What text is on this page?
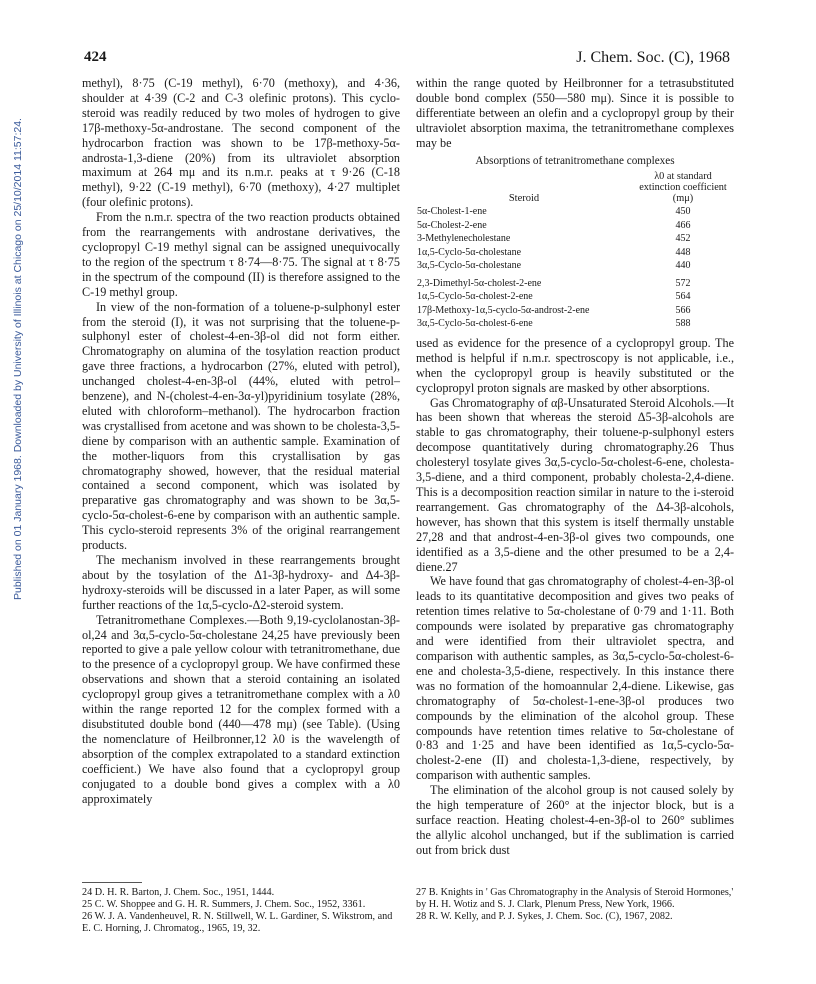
Published on 01 January 1968. Downloaded by University of Illinois at Chicago on 25/10/2014 11:57:24.
424	J. Chem. Soc. (C), 1968

methyl), 8·75 (C-19 methyl), 6·70 (methoxy), and 4·36, shoulder at 4·39 (C-2 and C-3 olefinic protons). This cyclo-steroid was readily reduced by two moles of hydrogen to give 17β-methoxy-5α-androstane. The second component of the hydrocarbon fraction was shown to be 17β-methoxy-5α-androsta-1,3-diene (20%) from its ultraviolet absorption maximum at 264 mμ and its n.m.r. peaks at τ 9·26 (C-18 methyl), 9·22 (C-19 methyl), 6·70 (methoxy), 4·27 multiplet (four olefinic protons).

From the n.m.r. spectra of the two reaction products obtained from the rearrangements with androstane derivatives, the cyclopropyl C-19 methyl signal can be assigned unequivocally to the region of the spectrum τ 8·74—8·75. The signal at τ 8·75 in the spectrum of the compound (II) is therefore assigned to the C-19 methyl group.

In view of the non-formation of a toluene-p-sulphonyl ester from the steroid (I), it was not surprising that the toluene-p-sulphonyl ester of cholest-4-en-3β-ol did not form either. Chromatography on alumina of the tosylation reaction product gave three fractions, a hydrocarbon (27%, eluted with petrol), unchanged cholest-4-en-3β-ol (44%, eluted with petrol–benzene), and N-(cholest-4-en-3α-yl)pyridinium tosylate (28%, eluted with chloroform–methanol). The hydrocarbon fraction was crystallised from acetone and was shown to be cholesta-3,5-diene by comparison with an authentic sample. Examination of the mother-liquors from this crystallisation by gas chromatography showed, however, that the residual material contained a second component, which was isolated by preparative gas chromatography and was shown to be 3α,5-cyclo-5α-cholest-6-ene by comparison with an authentic sample. This cyclo-steroid represents 3% of the original rearrangement products.

The mechanism involved in these rearrangements brought about by the tosylation of the Δ1-3β-hydroxy- and Δ4-3β-hydroxy-steroids will be discussed in a later Paper, as will some further reactions of the 1α,5-cyclo-Δ2-steroid system.

Tetranitromethane Complexes.—Both 9,19-cyclolanostan-3β-ol,24 and 3α,5-cyclo-5α-cholestane 24,25 have previously been reported to give a pale yellow colour with tetranitromethane, due to the presence of a cyclopropyl group. We have confirmed these observations and shown that a steroid containing an isolated cyclopropyl group gives a tetranitromethane complex with a λ0 within the range reported 12 for the complex formed with a disubstituted double bond (440—478 mμ) (see Table). (Using the nomenclature of Heilbronner,12 λ0 is the wavelength of absorption of the complex extrapolated to a standard extinction coefficient.) We have also found that a cyclopropyl group conjugated to a double bond gives a complex with a λ0 approximately

within the range quoted by Heilbronner for a tetrasubstituted double bond complex (550—580 mμ). Since it is possible to differentiate between an olefin and a cyclopropyl group by their ultraviolet absorption maxima, the tetranitromethane complexes may be

Absorptions of tetranitromethane complexes
Steroid	λ0 at standard extinction coefficient (mμ)
5α-Cholest-1-ene	450
5α-Cholest-2-ene	466
3-Methylenecholestane	452
1α,5-Cyclo-5α-cholestane	448
3α,5-Cyclo-5α-cholestane	440
2,3-Dimethyl-5α-cholest-2-ene	572
1α,5-Cyclo-5α-cholest-2-ene	564
17β-Methoxy-1α,5-cyclo-5α-androst-2-ene	566
3α,5-Cyclo-5α-cholest-6-ene	588

used as evidence for the presence of a cyclopropyl group. The method is helpful if n.m.r. spectroscopy is not applicable, i.e., when the cyclopropyl group is heavily substituted or the cyclopropyl proton signals are masked by other absorptions.

Gas Chromatography of αβ-Unsaturated Steroid Alcohols.—It has been shown that whereas the steroid Δ5-3β-alcohols are stable to gas chromatography, their toluene-p-sulphonyl esters decompose quantitatively during chromatography.26 Thus cholesteryl tosylate gives 3α,5-cyclo-5α-cholest-6-ene, cholesta-3,5-diene, and a third component, probably cholesta-2,4-diene. This is a decomposition reaction similar in nature to the i-steroid rearrangement. Gas chromatography of the Δ4-3β-alcohols, however, has shown that this system is itself thermally unstable 27,28 and that androst-4-en-3β-ol gives two compounds, one identified as a 3,5-diene and the other presumed to be a 2,4-diene.27

We have found that gas chromatography of cholest-4-en-3β-ol leads to its quantitative decomposition and gives two peaks of retention times relative to 5α-cholestane of 0·79 and 1·11. Both compounds were isolated by preparative gas chromatography and were identified from their ultraviolet spectra, and comparison with authentic samples, as 3α,5-cyclo-5α-cholest-6-ene and cholesta-3,5-diene, respectively. In this instance there was no formation of the homoannular 2,4-diene. Likewise, gas chromatography of 5α-cholest-1-ene-3β-ol produces two compounds by the elimination of the alcohol group. These compounds have retention times relative to 5α-cholestane of 0·83 and 1·25 and have been identified as 1α,5-cyclo-5α-cholest-2-ene (II) and cholesta-1,3-diene, respectively, by comparison with authentic samples.

The elimination of the alcohol group is not caused solely by the high temperature of 260° at the injector block, but is a surface reaction. Heating cholest-4-en-3β-ol to 260° sublimes the allylic alcohol unchanged, but if the sublimation is carried out from brick dust

24 D. H. R. Barton, J. Chem. Soc., 1951, 1444.

25 C. W. Shoppee and G. H. R. Summers, J. Chem. Soc., 1952, 3361.

26 W. J. A. Vandenheuvel, R. N. Stillwell, W. L. Gardiner, S. Wikstrom, and E. C. Horning, J. Chromatog., 1965, 19, 32.

27 B. Knights in ' Gas Chromatography in the Analysis of Steroid Hormones,' by H. H. Wotiz and S. J. Clark, Plenum Press, New York, 1966.

28 R. W. Kelly, and P. J. Sykes, J. Chem. Soc. (C), 1967, 2082.
